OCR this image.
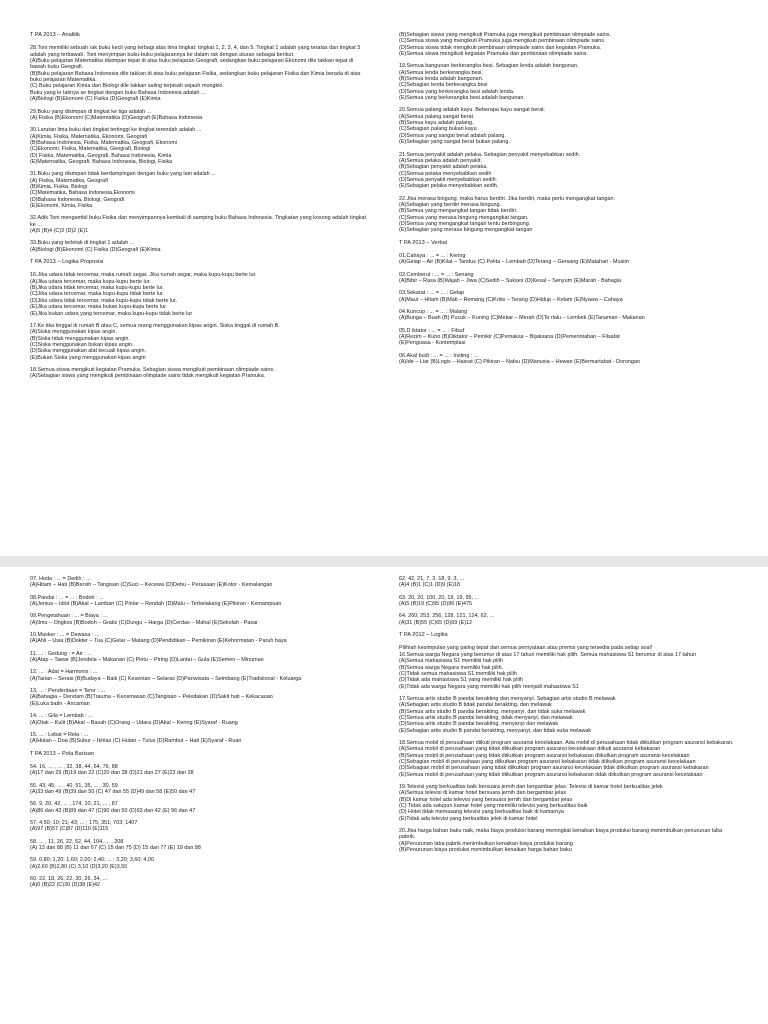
T PA 2013 – Analitik

28.Toni memiliki sebuah rak buku kecil yang terbagi atas lima tingkat: tingkat 1, 2, 3, 4, dan 5. Tingkat 1 adalah yang teratas dan tingkat 5 adalah yang terbawah. Toni menyimpan buku-buku pelajarannya ke dalam rak dengan aturan sebagai berikut.
(A)Buku pelajaran Matematika disimpan tepat di atas buku pelajaran Geografi, sedangkan buku pelajaran Ekonomi dile takkan tepat di bawah buku Geografi.
(B)Buku pelajaran Bahasa Indonesia dile takkan di atas buku pelajaran Fisika, sedangkan buku pelajaran Fisika dan Kimia berada di atas buku pelajaran Matematika.
(C) Buku pelajaran Kimia dan Biologi dile takkan saling terpisah sejauh mungkin.
Buku yang le taknya se tingkat dengan buku Bahasa Indonesia adalah ...
(A)Biologi (B)Ekonomi (C) Fisika (D)Geografi (E)Kimia

29.Buku yang disimpan di tingkat ke tiga adalah ...
(A) Fisika (B)Ekonomi (C)Matematika (D)Geografi (E)Bahasa Indonesia

30.Larutan lima buku dari tingkat tertinggi ke tingkat terendah adalah ...
(A)Kimia, Fisika, Matematika, Ekonomi, Geografi
(B)Bahasa Indonesia, Fisika, Matematika, Geografi, Ekonomi
(C)Ekonomi, Fisika, Matematika, Geografi, Biologi
(D) Fisika, Matematika, Geografi, Bahasa Indonesia, Kimia
(E)Matematika, Geografi, Bahasa Indonesia, Biologi, Fisika

31.Buku yang disimpan tidak berdampingan dengan buku yang lain adalah ...
(A) Fisika, Matematika, Geografi
(B)Kimia, Fisika, Biologi
(C)Matematika, Bahasa Indonesia,Ekonomi
(D)Bahasa Indonesia, Biologi, Geografi
(E)Ekonomi, Kimia, Fisika

32.Adik Toni mengambil buku Fisika dan menyimpannya kembali di samping buku Bahasa Indonesia. Tingkatan yang kosong adalah tingkat ke ...
(A)5 (B)4 (C)3 (D)2 (E)1

33.Buku yang terletak di tingkat 1 adalah ...
(A)Biologi (B)Ekonomi (C) Fisika (D)Geografi (E)Kimia

T PA 2013 – Logika Proposisi

16.Jika udara tidak tercemar, maka rumah segar. Jika rumah segar, maka kupu-kupu berte lur.
(A)Jika udara tercemar, maka kupu-kupu berte lur.
(B)Jika udara tidak tercemar, maka kupu-kupu berte lur.
(C)Jika udara tercemar, maka kupu-kupu tidak berte lur.
(D)Jika udara tidak tercemar, maka kupu-kupu tidak berte lur.
(E)Jika udara tercemar, maka bukan kupu-kupu berte lur.
(E)Jika bukan udara yang tercemar, maka kupu-kupu tidak berte lur

17.Ke tika tinggal di rumah B atau C, semua orang menggunakan kipas angin. Siska tinggal di rumah B.
(A)Siska menggunakan kipas angin.
(B)Siska tidak menggunakan kipas angin.
(C)Siska menggunakan bukan kipas angin.
(D)Siska menggunakan alat kecuali kipas angin.
(E)Bukan Siska yang menggunakan kipas angin

18.Semua siswa mengikuti kegiatan Pramuka. Sebagian siswa mengikuti pembinaan olimpiade sains.
(A)Sebagian siswa yang mengikuti pembinaan olimpiade sains tidak mengikuti kegiatan Pramuka.

(B)Sebagian siswa yang mengikuti Pramuka juga mengikuti pembinaan olimpiade sains.
(C)Semua siswa yang mengikuti Pramuka juga mengikuti pembinaan olimpiade sains.
(D)Semua siswa tidak mengikuti pembinaan olimpiade sains dan kegiatan Pramuka.
(E)Semua siswa mengikuti kegiatan Pramuka dan pembinaan olimpiade sains.

19.Semua bangunan berkerangka besi. Sebagian lenda adalah bangunan.
(A)Semua lenda berkerangka besi.
(B)Semua lenda adalah bangunan.
(C)Sebagian lenda berkerangka besi
(D)Semua yang berkerangka besi adalah lenda.
(E)Semua yang berkerangka besi adalah bangunan.

20.Semua palang adalah kayu. Beberapa kayu sangat berat.
(A)Semua palang sangat berat.
(B)Semua kayu adalah palang.
(C)Sebagian palang bukan kayu.
(D)Semua yang sangat berat adalah palang.
(E)Sebagian yang sangat berat bukan palang.

21.Semua penyakit adalah pelaka. Sebagian penyakit menyebabkan sedih.
(A)Semua pelaka adalah penyakit.
(B)Sebagian penyakit adalah pelaka.
(C)Semua pelaka menyebabkan sedih
(D)Semua penyakit menyebabkan sedih.
(E)Sebagian pelaka menyebabkan sedih.

22.Jika merasa bingung, maka harus berdiri. Jika berdiri, maka perlu mengangkat tangan.
(A)Sebagian yang berdiri merasa bingung.
(B)Semua yang mengangkat tangan tidak berdiri.
(C)Semua yang merasa bingung mengangkat tangan.
(D)Semua yang mengangkat tangan tentu berbingung.
(E)Sebagian yang merasa bingung mengangkat tangan

T PA 2013 – Verbal

01.Cahaya : ... = ... : Kering
(A)Gelap – Air (B)Kilat – Tandus (C) Pelita – Lembab (D)Terang – Gersang (E)Matahari - Musim

02.Cemberut : ... = ... : Senang
(A)Bibir – Rasa (B)Wajah – Jiwa (C)Sedih – Sukses (D)Kesal – Senyum (E)Marah - Bahagia

03.Sekarat : ... = ... : Gelap
(A)Maut – Hitam (B)Mati – Remang (C)Kritis – Terang (D)Hidup – Kelam (E)Nyawa – Cahaya

04.Kuncup : ... = ... : Malang
(A)Bunga – Buah (B) Pucuk – Kuning (C)Mekar – Merah (D)Te rlalu – Lembek (E)Tanaman - Makanan

05.D iktator : ... = ... : Filsuf
(A)Rezim – Kuno (B)Diktator – Pemikir (C)Pemaksa – Bijaksana (D)Pemerintahan – Filsafat
(E)Penguasa - Kontemplasi

06.Akal budi : ... = ... : Insting : ...
(A)Ide – Liar (B)Logis – Hasrat (C) Pikiran – Nafsu (D)Manusia – Hewan (E)Bermartabat - Dorongan

07. Hoda : ... = Dedih : ...
(A)Hitam – Hati (B)Bersih – Tangisan (C)Suci – Kecewa (D)Debu – Perasaan (E)Kotor - Kemalangan

08.Pandai : ... = ... : Bodoh : ...
(A)Jenius – Idiot (B)Akal – Lamban (C) Pintar – Rendah (D)Malu – Terbelakang (E)Pikiran - Kemampuan

09.Pengetahuan : ... = Biaya : ...
(A)Ilmu – Ongkos (B)Bodoh – Gratis (C)Dungu – Harga (D)Cerdas – Mahal (E)Sekolah - Pasar

10.Masker : ... = Dewasa : ...
(A)Ahli – Usia (B)Dokter – Tua (C)Gelar – Matang (D)Pendidikan – Pemikiran (E)Kehormatan - Paruh baya

11. ... : Gedung : = Air : ...
(A)Atap – Tawar (B)Jendela – Makanan (C) Pintu – Piring (D)Lantai – Gula (E)Semen – Minuman

12. ... : Adat = Harmonis : ...
(A)Tarian – Serasi (B)Budaya – Baik (C) Kesenian – Selaras (D)Pariwisata – Seimbang (E)Tradisional - Keluarga

13. ... : Penderitaan = Teror : ...
(A)Bahagia – Dendam (B)Trauma – Kecemasan (C)Tangisan – Peledakan (D)Sakit hati – Kekacauan
(E)Luka batin - Ancaman

14. ... : Gila = Lembab : ...
(A)Otak – Kulit (B)Akal – Basah (C)Orang – Udara (D)Akal – Kering (E)Syaraf - Ruang

15. ... : Lebat = Rela : ...
(A)Hutan – Doa (B)Subur – Ikhlas (C) Hutan – Tulus (D)Rambut – Hati (E)Syaraf - Ruan

T PA 2013 – Pola Barisan

54. 16, ... , ... , 32, 38, 44, 64, 76, 88
(A)17 dan 29 (B)19 dan 22 (C)20 dan 38 (D)21 dan 27 (E)23 dan 28

55. 43, 45, ... , 40, 51, 35, ... , 30, 59
(A)33 dan 49 (B)39 dan 50 (C) 47 dan 55 (D)49 dan 58 (E)50 dan 47

56. 9, 20, 42, ... , 174, 10, 21, ... , 87
(A)86 dan 43 (B)89 dan 47 (C)90 dan 50 (D)93 dan 42 (E) 96 dan 47

57. 4,50; 10; 21; 43; ... ; 175; 351; 703; 1407
(A)97 (B)57 (C)87 (D)110 (E)115

58. ... , 11, 26, 22, 52, 44, 104, ... , 208
(A) 13 dan 88 (B) 11 dan 67 (C) 15 dan 75 (D) 15 dan 77 (E) 19 dan 88

59. 0,80; 1,20; 1,60; 2,00; 2,40; ... ; 3,20; 3,60; 4,00
(A)2,60 (B)2,80 (C) 3,10 (D)3,20 (E)3,50

60. 22, 18, 26, 22, 30, 26, 34, ...
(A)0 (B)22 (C)30 (D)38 (E)42

62. 42, 21, 7, 3, 18, 9, 3, ...
(A)4 (B)1 (C)1 (D)9 (E)18

63. 20, 20, 100, 20, 19, 19, 95, ...
(A)5 (B)19 (C)95 (D)96 (E)475

64. 260, 253, 256, 128, 121, 124, 62, ...
(A)31 (B)55 (C)65 (D)69 (E)12

T PA 2012 – Logika

Pilihlah kesimpulan yang paling tepat dari semua pernyataan atau premis yang tersedia pada setiap soal!
16.Semua warga Negara yang berumur di atas 17 tahun memiliki hak pilih. Semua mahasiswa S1 berumur di atas 17 tahun
(A)Semua mahasiswa S1 memiliki hak pilih
(B)Semua warga Negara memiliki hak pilih.
(C)Tidak semua mahasiswa S1 memiliki hak pilih
(D)Tidak ada mahasiswa S1 yang memiliki hak pilih
(E)Tidak ada warga Negara yang memiliki hak pilih menjadi mahasiswa S1

17.Semua artis studio B pandai berakting dan menyanyi. Sebagian artis studio B melawak
(A)Sebagian artis studio B tidak pandai berakting, dan melawak
(B)Semua artis studio B pandai berakting, menyanyi, dan tidak suka melawak
(C)Semua artis studio B pandai berakting, tidak menyanyi, dan melawak
(D)Semua artis studio B pandai berakting, menyanyi dan melawak
(E)Sebagian artis studio B pandai berakting, menyanyi, dan tidak suka melawak

18.Semua mobil di perusahaan diikuti program asuransi kecelakaan. Ada mobil di perusahaan tidak diikutkan program asuransi kebakaran.
(A)Semua mobil di perusahaan yang tidak diikutkan program asuransi kecelakaan diikuti asuransi kebakaran
(B)Semua mobil di perusahaan yang tidak diikutkan program asuransi kebakaran diikutkan program asuransi kecelakaan
(C)Sebagian mobil di perusahaan yang diikutkan program asuransi kebakaran tidak diikutkan program asuransi kecelakaan
(D)Sebagian mobil di perusahaan yang tidak diikutkan program asuransi kecelakaan tidak diikutkan program asuransi kebakaran
(E)Semua mobil di perusahaan yang tidak diikutkan program asuransi kebakaran tidak diikutkan program asuransi kecelakaan

19.Televisi yang berkualitas baik bersuara jernih dan bergambar jelas. Televisi di kamar hotel berkualitas jelek
(A)Semua televisi di kamar hotel bersuara jernih dan bergambar jelas
(B)Di kamar hotel ada televisi yang bersuara jernih dan bergambar jelas
(C) Tidak ada satupun kamar hotel yang memiliki televisi yang berkualitas baik
(D) Hotel tidak memasang televisi yang berkualitas baik di kamarnya
(E)Tidak ada televisi yang berkualitas jelek di kamar hotel

20.Jika harga bahan baku naik, maka biaya produksi barang meningkat kenaikan biaya produksi barang menimbulkan penurunan laba pabrik.
(A)Penurunan laba pabrik menimbulkan kenaikan biaya produksi barang
(B)Penurunan biaya produksi menimbulkan kenaikan harga bahan baku
